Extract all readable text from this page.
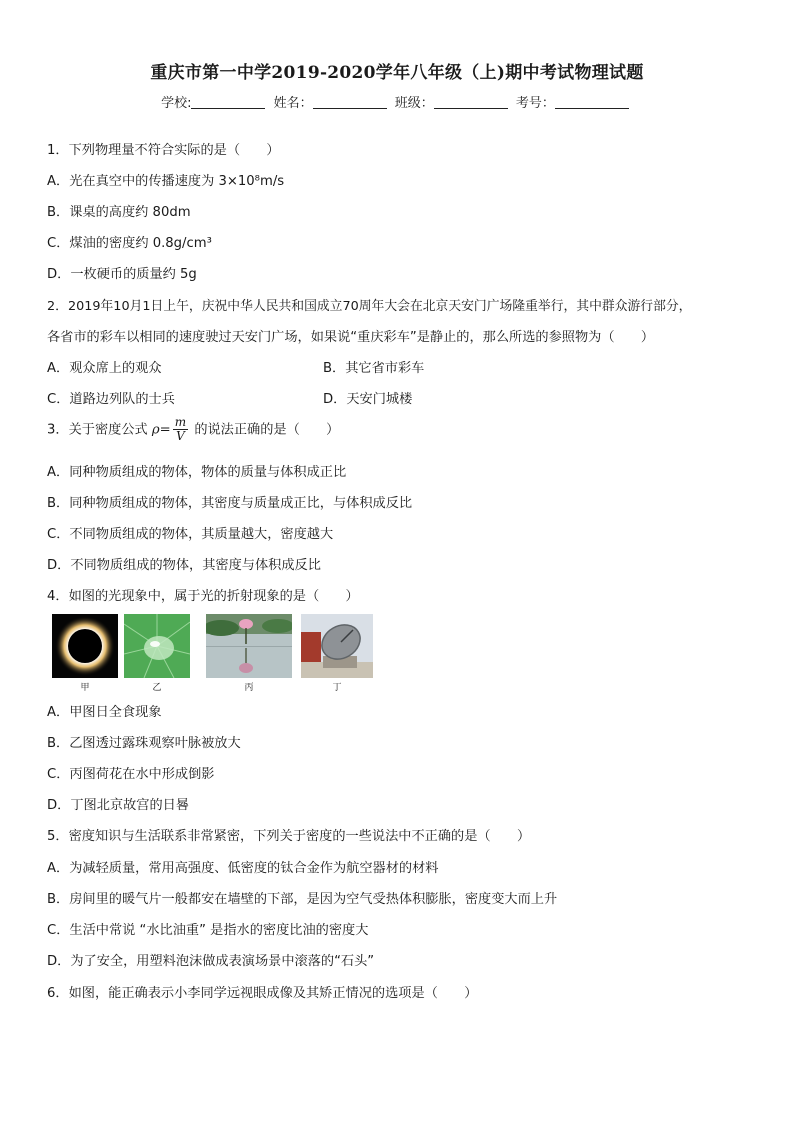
重庆市第一中学2019-2020学年八年级（上)期中考试物理试题
学校:	姓名：	班级：	考号：
1．下列物理量不符合实际的是（　　）
A．光在真空中的传播速度为 3×10⁸m/s
B．课桌的高度约 80dm
C．煤油的密度约 0.8g/cm³
D．一枚硬币的质量约 5g
2．2019年10月1日上午，庆祝中华人民共和国成立70周年大会在北京天安门广场隆重举行，其中群众游行部分，
各省市的彩车以相同的速度驶过天安门广场，如果说“重庆彩车”是静止的，那么所选的参照物为（　　）
A．观众席上的观众	B．其它省市彩车
C．道路边列队的士兵	D．天安门城楼
3．关于密度公式 $\rho= \frac{m}{V}$ 的说法正确的是（　　）
A．同种物质组成的物体，物体的质量与体积成正比
B．同种物质组成的物体，其密度与质量成正比，与体积成反比
C．不同物质组成的物体，其质量越大，密度越大
D．不同物质组成的物体，其密度与体积成反比
4．如图的光现象中，属于光的折射现象的是（　　）
甲	乙	丙	丁
A．甲图日全食现象
B．乙图透过露珠观察叶脉被放大
C．丙图荷花在水中形成倒影
D．丁图北京故宫的日晷
5．密度知识与生活联系非常紧密，下列关于密度的一些说法中不正确的是（　　）
A．为减轻质量，常用高强度、低密度的钛合金作为航空器材的材料
B．房间里的暖气片一般都安在墙壁的下部，是因为空气受热体积膨胀，密度变大而上升
C．生活中常说 “水比油重” 是指水的密度比油的密度大
D．为了安全，用塑料泡沫做成表演场景中滚落的“石头”
6．如图，能正确表示小李同学远视眼成像及其矫正情况的选项是（　　）
